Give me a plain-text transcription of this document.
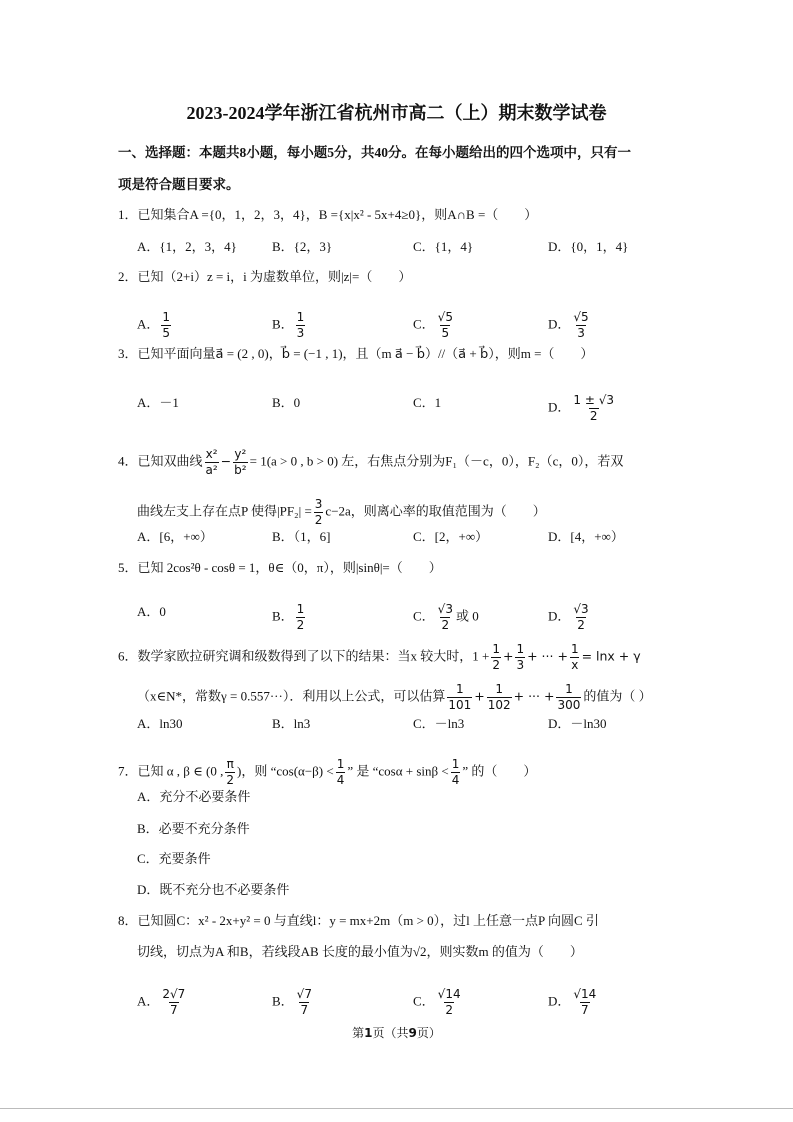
2023-2024学年浙江省杭州市高二（上）期末数学试卷
一、选择题：本题共8小题，每小题5分，共40分。在每小题给出的四个选项中，只有一
项是符合题目要求。
1．已知集合A ={0，1，2，3，4}，B ={x|x² - 5x+4≥0}，则A∩B =（　　）
A．{1，2，3，4}	B．{2，3}	C．{1，4}	D．{0，1，4}
2．已知（2+i）z = i，i 为虚数单位，则|z|=（　　）
A． $\frac{1}{5}$	B． $\frac{1}{3}$	C． $\frac{√5}{5}$	D． $\frac{√5}{3}$
3．已知平面向量a⃗ = (2 , 0)，b⃗ = (−1 , 1)，且（m a⃗ − b⃗）//（a⃗ + b⃗），则m =（　　）
A．－1	B．0	C．1	D． $\frac{1 \pm √3}{2}$
4．已知双曲线 $\frac{\text{x²}}{\text{a²}} - \frac{\text{y²}}{\text{b²}} = 1(a > 0$ , b > 0) 左，右焦点分别为F₁（－c，0），F₂（c，0），若双
曲线左支上存在点P 使得$|PF_2| = \frac{3}{2} c-2a$，则离心率的取值范围为（　　）
A．[6，+∞）	B．（1，6]	C．[2，+∞）	D．[4，+∞）
5．已知 2cos²θ - cosθ = 1，θ∈（0，π），则|sinθ|=（　　）
A．0	B． $\frac{1}{2}$	C． $\frac{√3}{2}$ 或 0	D． $\frac{√3}{2}$
6．数学家欧拉研究调和级数得到了以下的结果：当x 较大时，$1 + \frac{1}{2} + \frac{1}{3}$ + ··· + $\frac{1}{x} = \ln x + \gamma$
（x∈N*，常数γ = 0.557···）．利用以上公式，可以估算 $\frac{1}{101} + \frac{1}{102}$ + ··· + $\frac{1}{300}$ 的值为（ ）
A．ln30	B．ln3	C．－ln3	D．－ln30
7．已知 α , β ∈ (0 , $\frac{\pi}{2}$ )，则 “$\cos(\alpha-\beta) < \frac{1}{4}$ ” 是 “$\cos\alpha + \sin\beta < \frac{1}{4}$ ” 的（　　）
A．充分不必要条件
B．必要不充分条件
C．充要条件
D．既不充分也不必要条件
8．已知圆C：x² - 2x+y² = 0 与直线l：y = mx+2m（m > 0），过l 上任意一点P 向圆C 引
切线，切点为A 和B，若线段AB 长度的最小值为√2，则实数m 的值为（　　）
A． $\frac{2√7}{7}$	B． $\frac{√7}{7}$	C． $\frac{√14}{2}$	D． $\frac{√14}{7}$
第1页（共9页）
